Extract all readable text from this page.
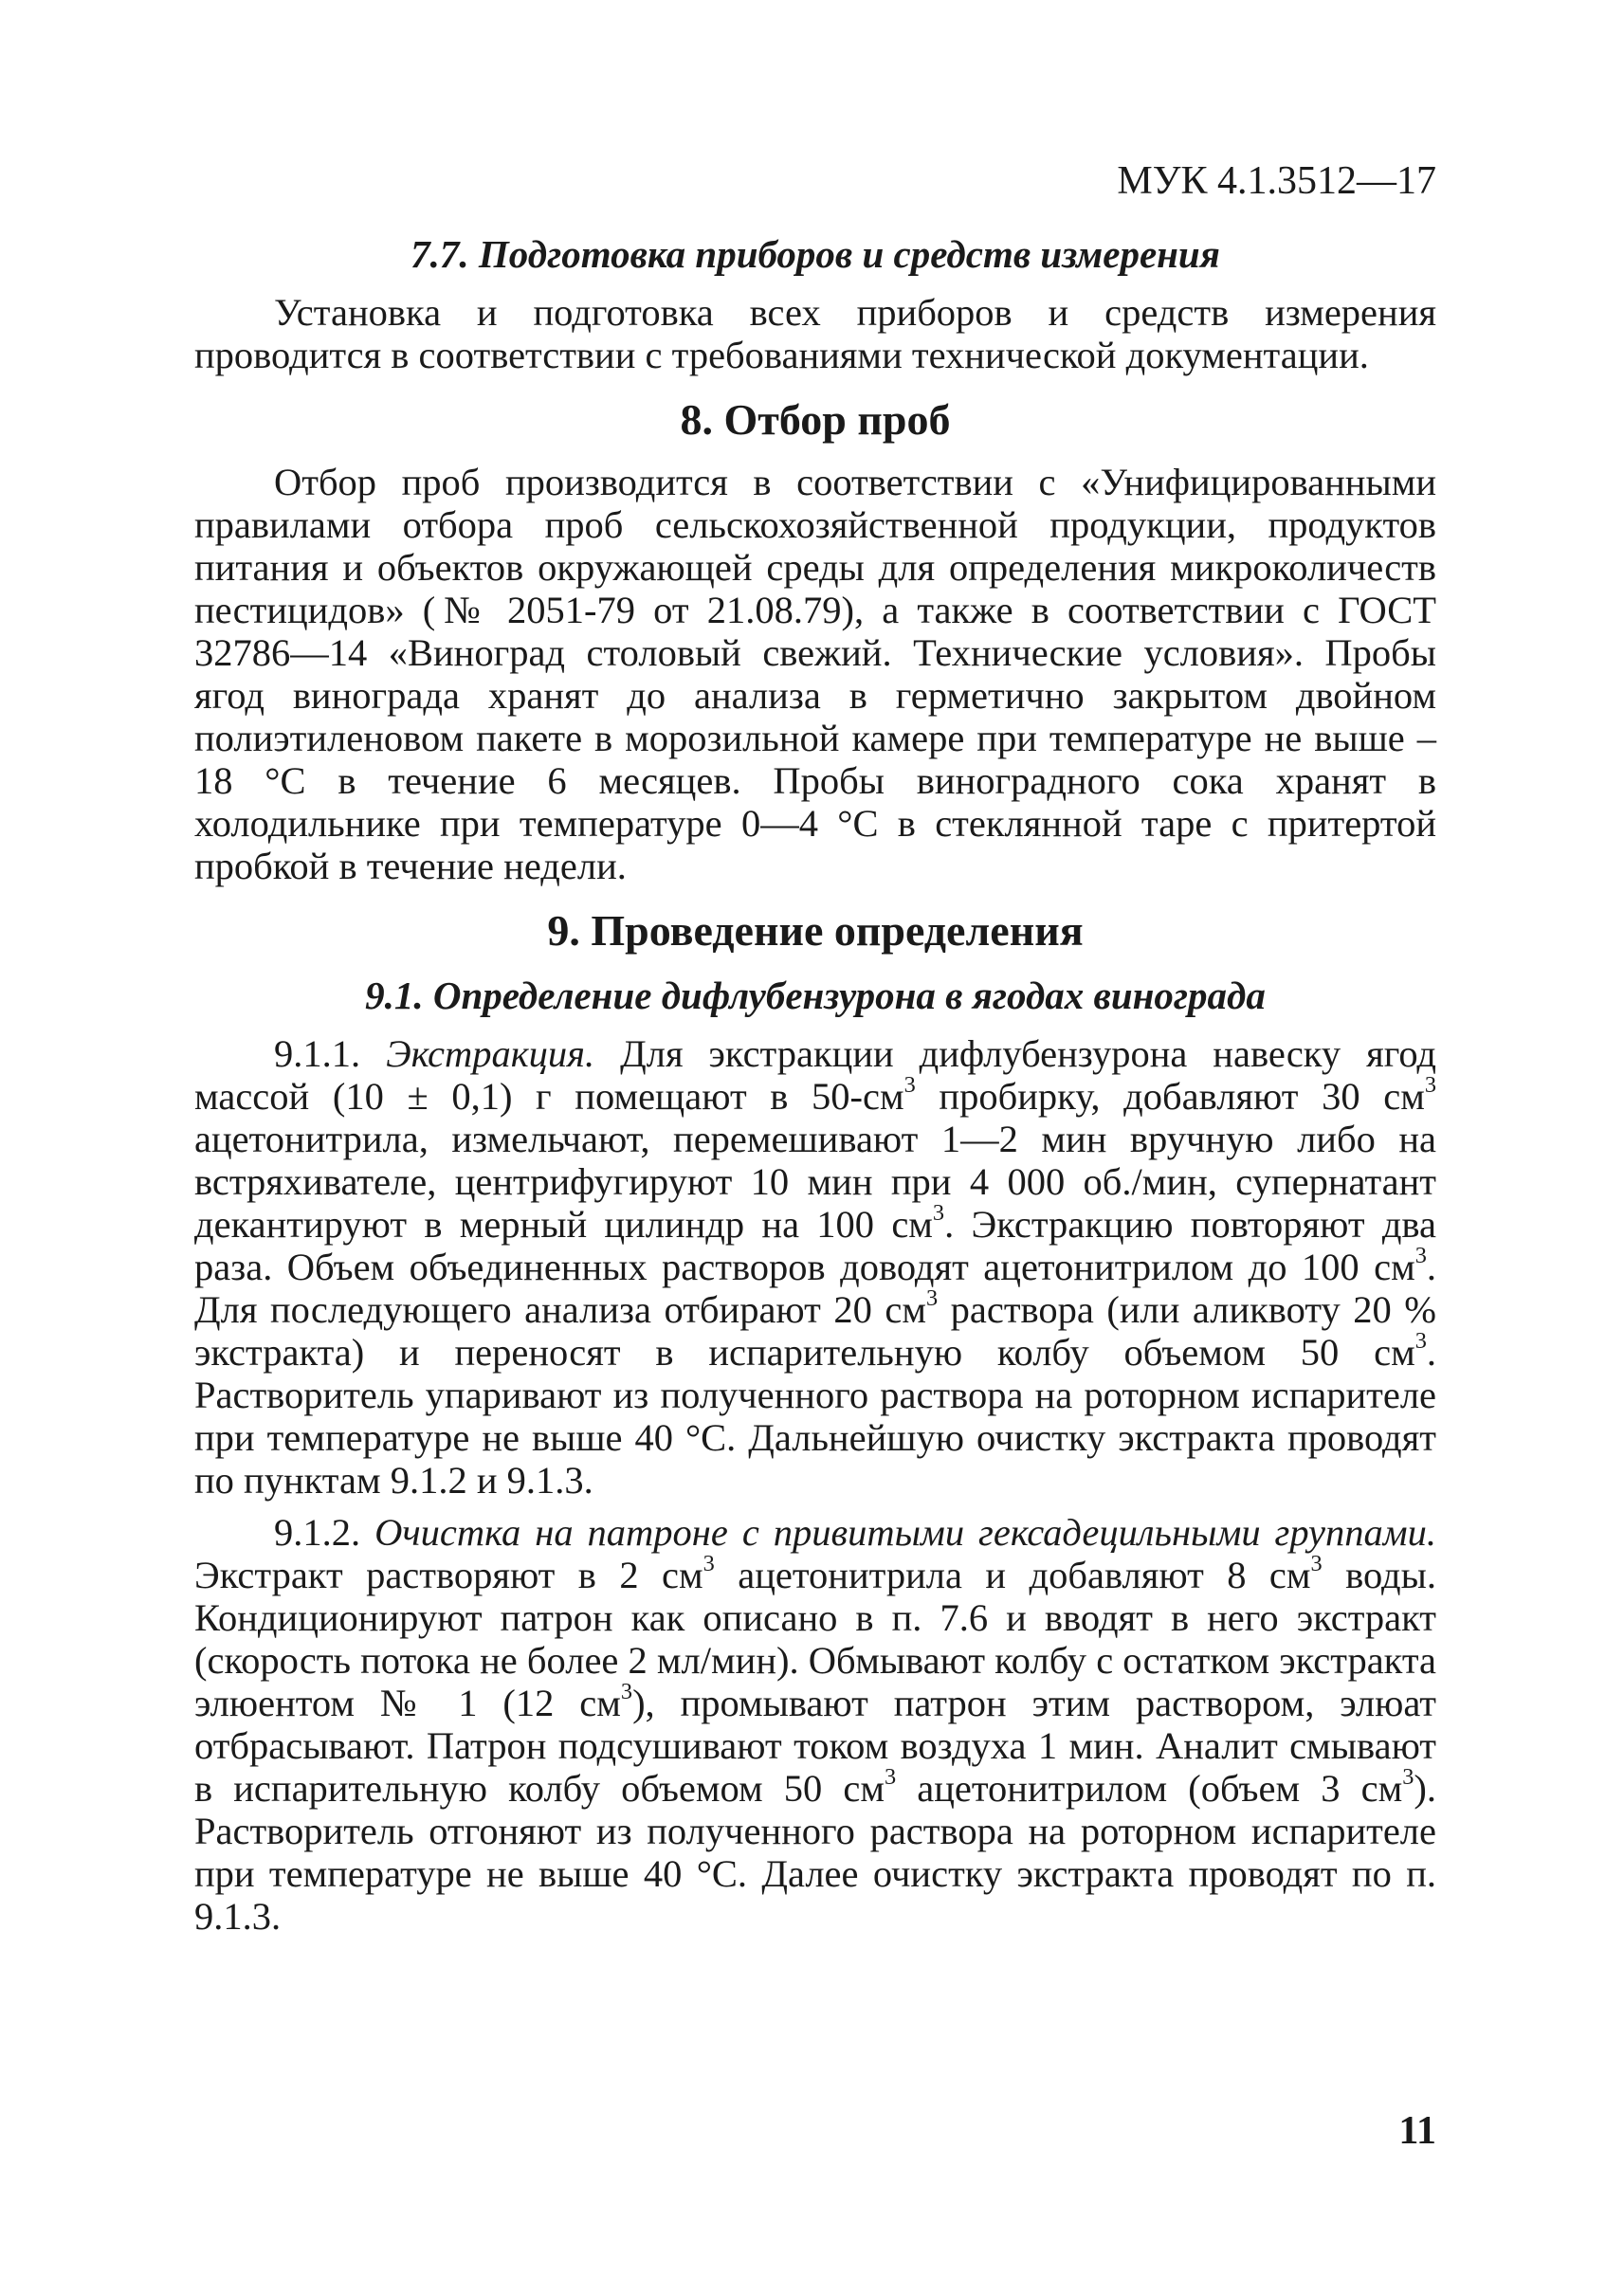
МУК 4.1.3512—17
7.7. Подготовка приборов и средств измерения

Установка и подготовка всех приборов и средств измерения проводится в соответствии с требованиями технической документации.

8. Отбор проб

Отбор проб производится в соответствии с «Унифицированными правилами отбора проб сельскохозяйственной продукции, продуктов питания и объектов окружающей среды для определения микроколичеств пестицидов» (№ 2051-79 от 21.08.79), а также в соответствии с ГОСТ 32786—14 «Виноград столовый свежий. Технические условия». Пробы ягод винограда хранят до анализа в герметично закрытом двойном полиэтиленовом пакете в морозильной камере при температуре не выше –18 °С в течение 6 месяцев. Пробы виноградного сока хранят в холодильнике при температуре 0—4 °С в стеклянной таре с притертой пробкой в течение недели.

9. Проведение определения
9.1. Определение дифлубензурона в ягодах винограда

9.1.1. Экстракция. Для экстракции дифлубензурона навеску ягод массой (10 ± 0,1) г помещают в $50-см^3$ пробирку, добавляют 30 $см^3$ ацетонитрила, измельчают, перемешивают 1—2 мин вручную либо на встряхивателе, центрифугируют 10 мин при 4 000 об./мин, супернатант декантируют в мерный цилиндр на 100 $см^3$. Экстракцию повторяют два раза. Объем объединенных растворов доводят ацетонитрилом до 100 $см^3$. Для последующего анализа отбирают 20 $см^3$ раствора (или аликвоту 20 % экстракта) и переносят в испарительную колбу объемом 50 $см^3$. Растворитель упаривают из полученного раствора на роторном испарителе при температуре не выше 40 °С. Дальнейшую очистку экстракта проводят по пунктам 9.1.2 и 9.1.3.

9.1.2. Очистка на патроне с привитыми гексадецильными группами. Экстракт растворяют в 2 $см^3$ ацетонитрила и добавляют 8 $см^3$ воды. Кондиционируют патрон как описано в п. 7.6 и вводят в него экстракт (скорость потока не более 2 мл/мин). Обмывают колбу с остатком экстракта элюентом № 1 (12 $см^3$), промывают патрон этим раствором, элюат отбрасывают. Патрон подсушивают током воздуха 1 мин. Аналит смывают в испарительную колбу объемом 50 $см^3$ ацетонитрилом (объем 3 $см^3$). Растворитель отгоняют из полученного раствора на роторном испарителе при температуре не выше 40 °С. Далее очистку экстракта проводят по п. 9.1.3.

11
